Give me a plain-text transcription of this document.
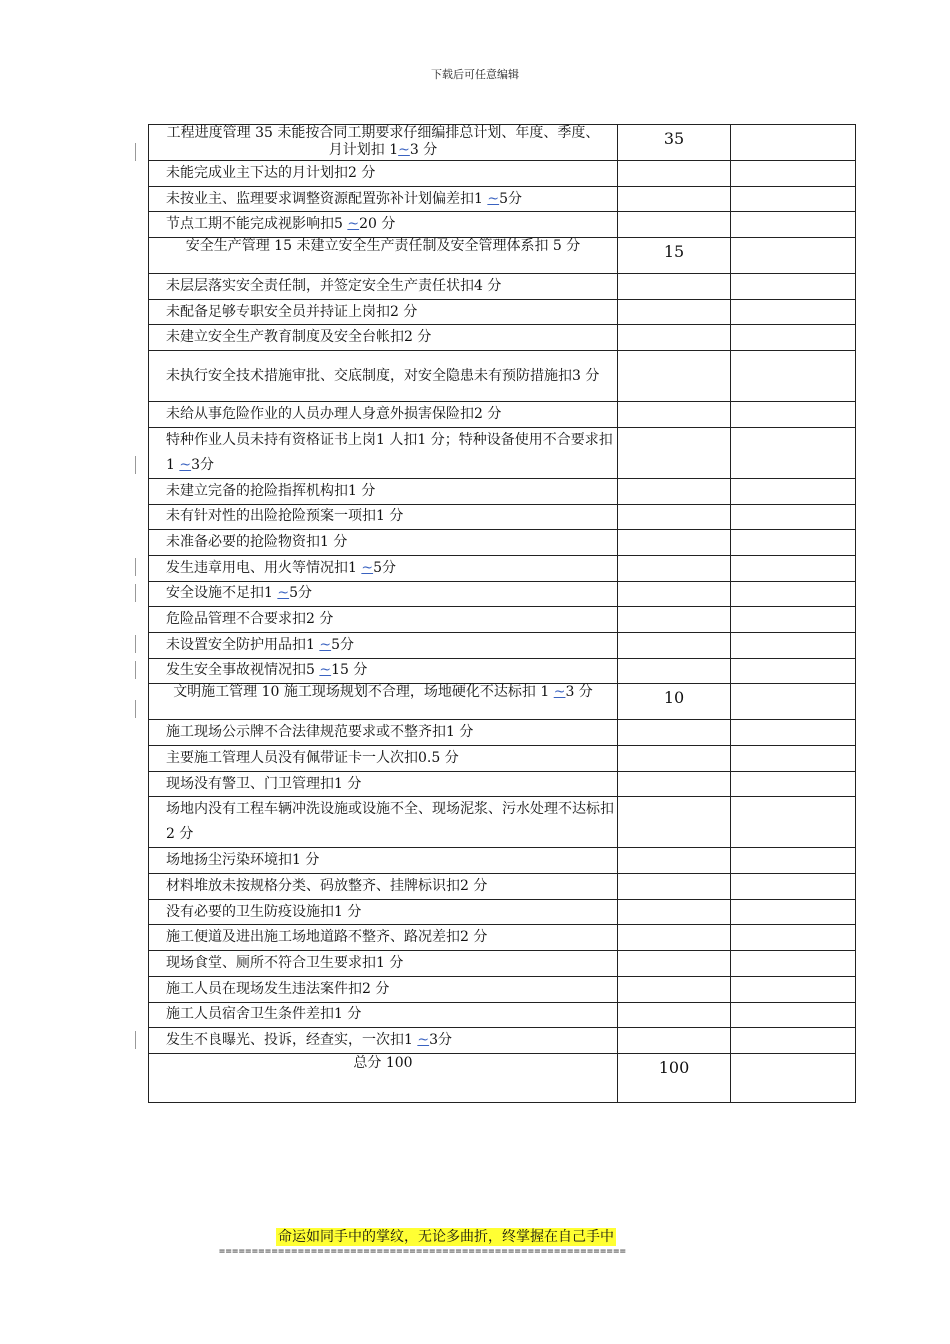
下载后可任意编辑
工程进度管理 35 未能按合同工期要求仔细编排总计划、年度、季度、月计划扣 1~3 分	35	
未能完成业主下达的月计划扣2 分		
未按业主、监理要求调整资源配置弥补计划偏差扣1 ~5分		
节点工期不能完成视影响扣5 ~20 分		
安全生产管理 15 未建立安全生产责任制及安全管理体系扣 5 分	15	
未层层落实安全责任制，并签定安全生产责任状扣4 分		
未配备足够专职安全员并持证上岗扣2 分		
未建立安全生产教育制度及安全台帐扣2 分		
未执行安全技术措施审批、交底制度，对安全隐患未有预防措施扣3 分		
未给从事危险作业的人员办理人身意外损害保险扣2 分		
特种作业人员未持有资格证书上岗1 人扣1 分；特种设备使用不合要求扣1 ~3分		
未建立完备的抢险指挥机构扣1 分		
未有针对性的出险抢险预案一项扣1 分		
未准备必要的抢险物资扣1 分		
发生违章用电、用火等情况扣1 ~5分		
安全设施不足扣1 ~5分		
危险品管理不合要求扣2 分		
未设置安全防护用品扣1 ~5分		
发生安全事故视情况扣5 ~15 分		
文明施工管理 10 施工现场规划不合理，场地硬化不达标扣 1 ~3 分	10	
施工现场公示牌不合法律规范要求或不整齐扣1 分		
主要施工管理人员没有佩带证卡一人次扣0.5 分		
现场没有警卫、门卫管理扣1 分		
场地内没有工程车辆冲洗设施或设施不全、现场泥浆、污水处理不达标扣2 分		
场地扬尘污染环境扣1 分		
材料堆放未按规格分类、码放整齐、挂牌标识扣2 分		
没有必要的卫生防疫设施扣1 分		
施工便道及进出施工场地道路不整齐、路况差扣2 分		
现场食堂、厕所不符合卫生要求扣1 分		
施工人员在现场发生违法案件扣2 分		
施工人员宿舍卫生条件差扣1 分		
发生不良曝光、投诉，经查实，一次扣1 ~3分		
总分 100	100	
命运如同手中的掌纹，无论多曲折，终掌握在自己手中
==============================================================
